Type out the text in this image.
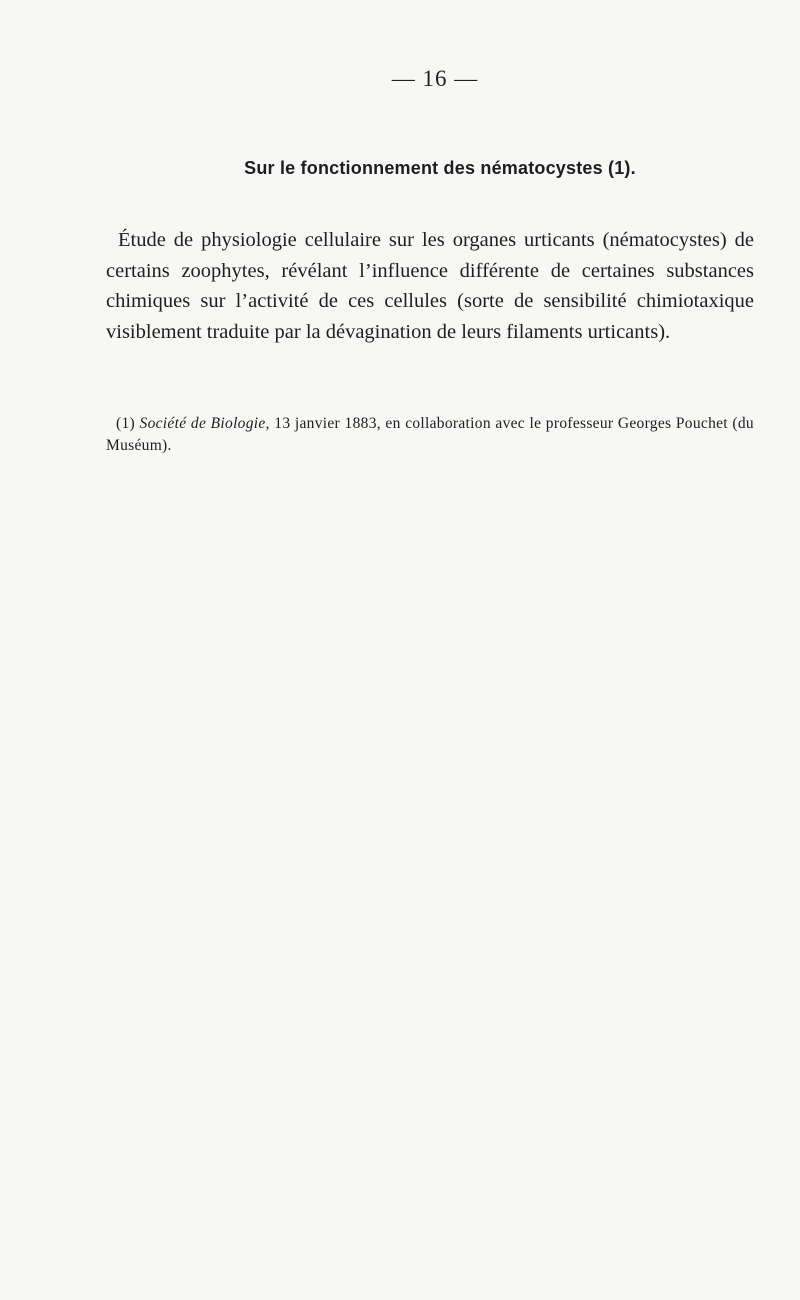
— 16 —
Sur le fonctionnement des nématocystes (1).
Étude de physiologie cellulaire sur les organes urticants (nématocystes) de certains zoophytes, révélant l’influence différente de certaines substances chimiques sur l’activité de ces cellules (sorte de sensibilité chimiotaxique visiblement traduite par la dévagination de leurs filaments urticants).
(1) Société de Biologie, 13 janvier 1883, en collaboration avec le professeur Georges Pouchet (du Muséum).
